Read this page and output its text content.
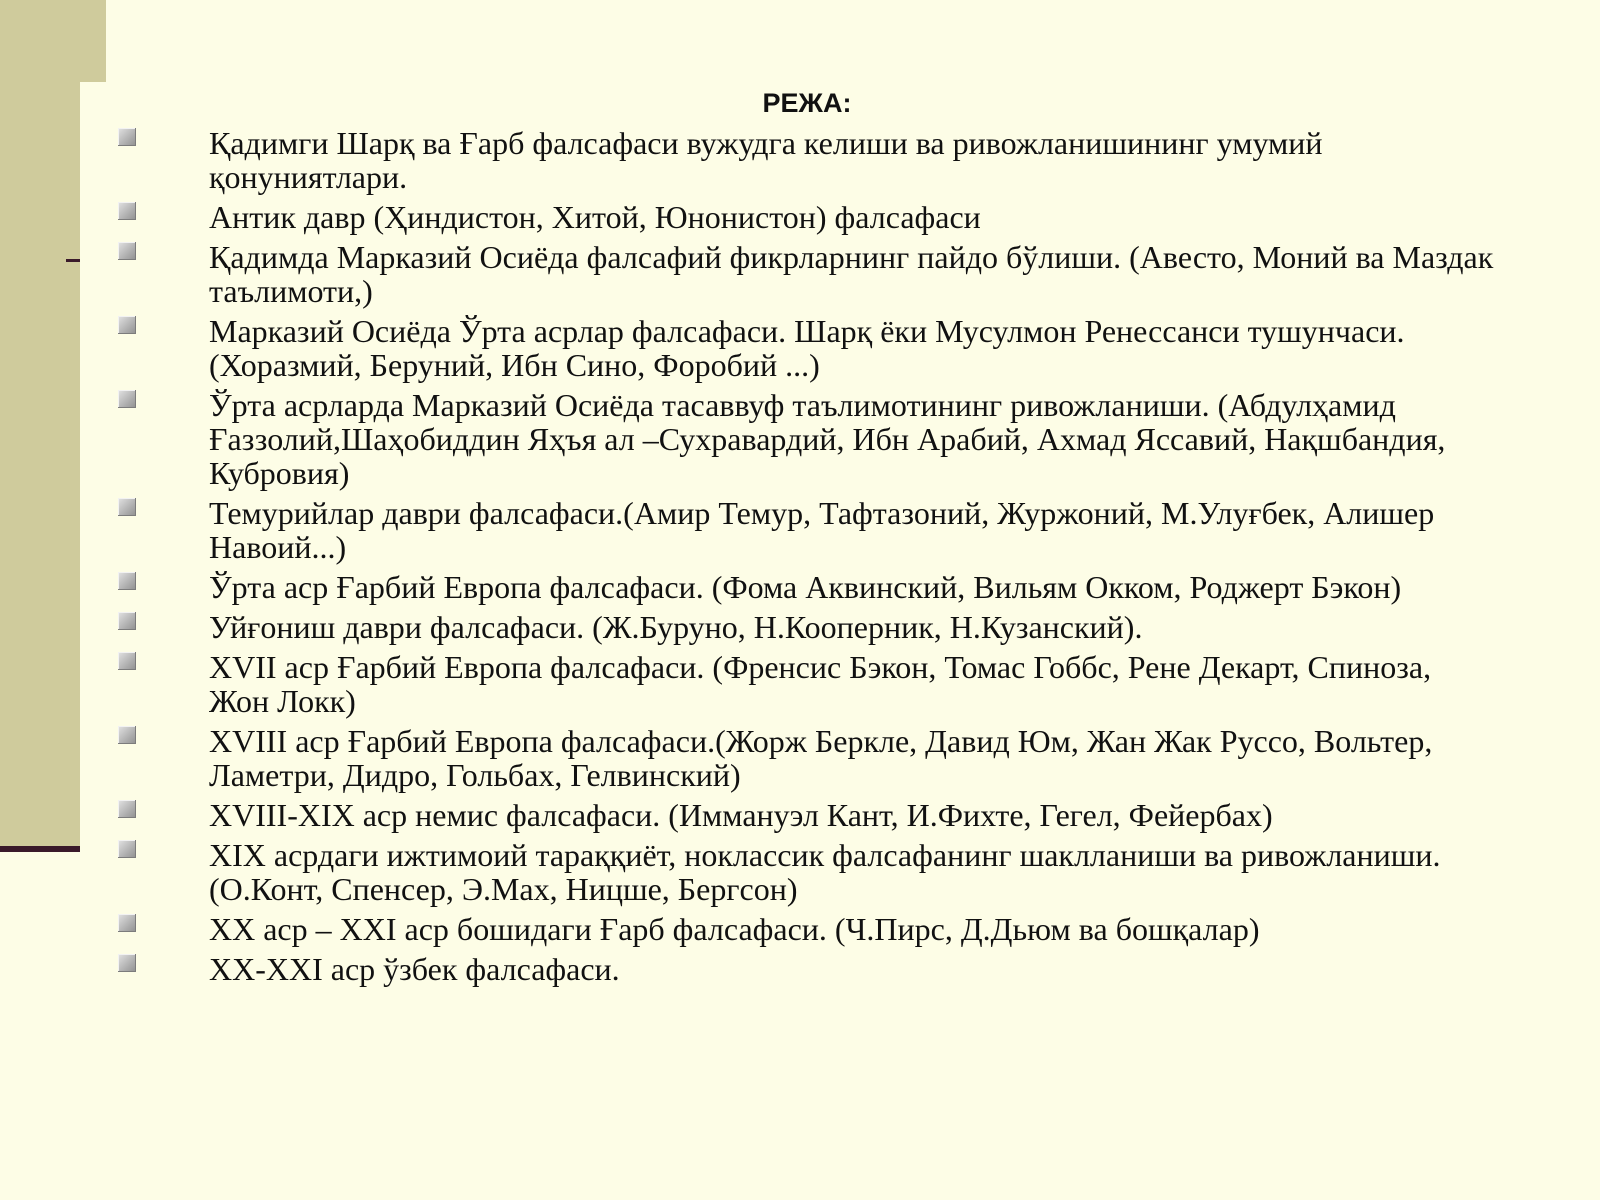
РЕЖА:
Қадимги Шарқ ва Ғарб фалсафаси вужудга келиши ва ривожланишининг умумий қонуниятлари.
Антик давр (Ҳиндистон, Хитой, Юнонистон) фалсафаси
Қадимда Марказий Осиёда фалсафий фикрларнинг пайдо бўлиши. (Авесто, Моний ва Маздак таълимоти,)
Марказий Осиёда Ўрта асрлар фалсафаси. Шарқ ёки Мусулмон Ренессанси тушунчаси. (Хоразмий, Беруний, Ибн Сино, Форобий ...)
Ўрта асрларда Марказий Осиёда тасаввуф таълимотининг ривожланиши. (Абдулҳамид Ғаззолий,Шаҳобиддин Яҳъя ал –Сухравардий, Ибн Арабий, Ахмад Яссавий, Нақшбандия, Кубровия)
Темурийлар даври фалсафаси.(Амир Темур, Тафтазоний, Журжоний, М.Улуғбек, Алишер Навоий...)
Ўрта аср Ғарбий Европа фалсафаси. (Фома Аквинский, Вильям Окком, Роджерт Бэкон)
Уйғониш даври фалсафаси. (Ж.Буруно, Н.Кооперник, Н.Кузанский).
XVII аср Ғарбий Европа фалсафаси. (Френсис Бэкон, Томас Гоббс, Рене Декарт, Спиноза, Жон Локк)
XVIII аср Ғарбий Европа фалсафаси.(Жорж Беркле, Давид Юм, Жан Жак Руссо, Вольтер, Ламетри, Дидро, Гольбах, Гелвинский)
XVIII-XIX аср немис фалсафаси. (Иммануэл Кант, И.Фихте, Гегел, Фейербах)
XIX асрдаги ижтимоий тараққиёт, ноклассик фалсафанинг шаклланиши ва ривожланиши. (О.Конт, Спенсер, Э.Мах, Ницше, Бергсон)
XX аср – XXI аср бошидаги Ғарб фалсафаси. (Ч.Пирс, Д.Дьюм ва бошқалар)
XX-XXI аср ўзбек фалсафаси.
